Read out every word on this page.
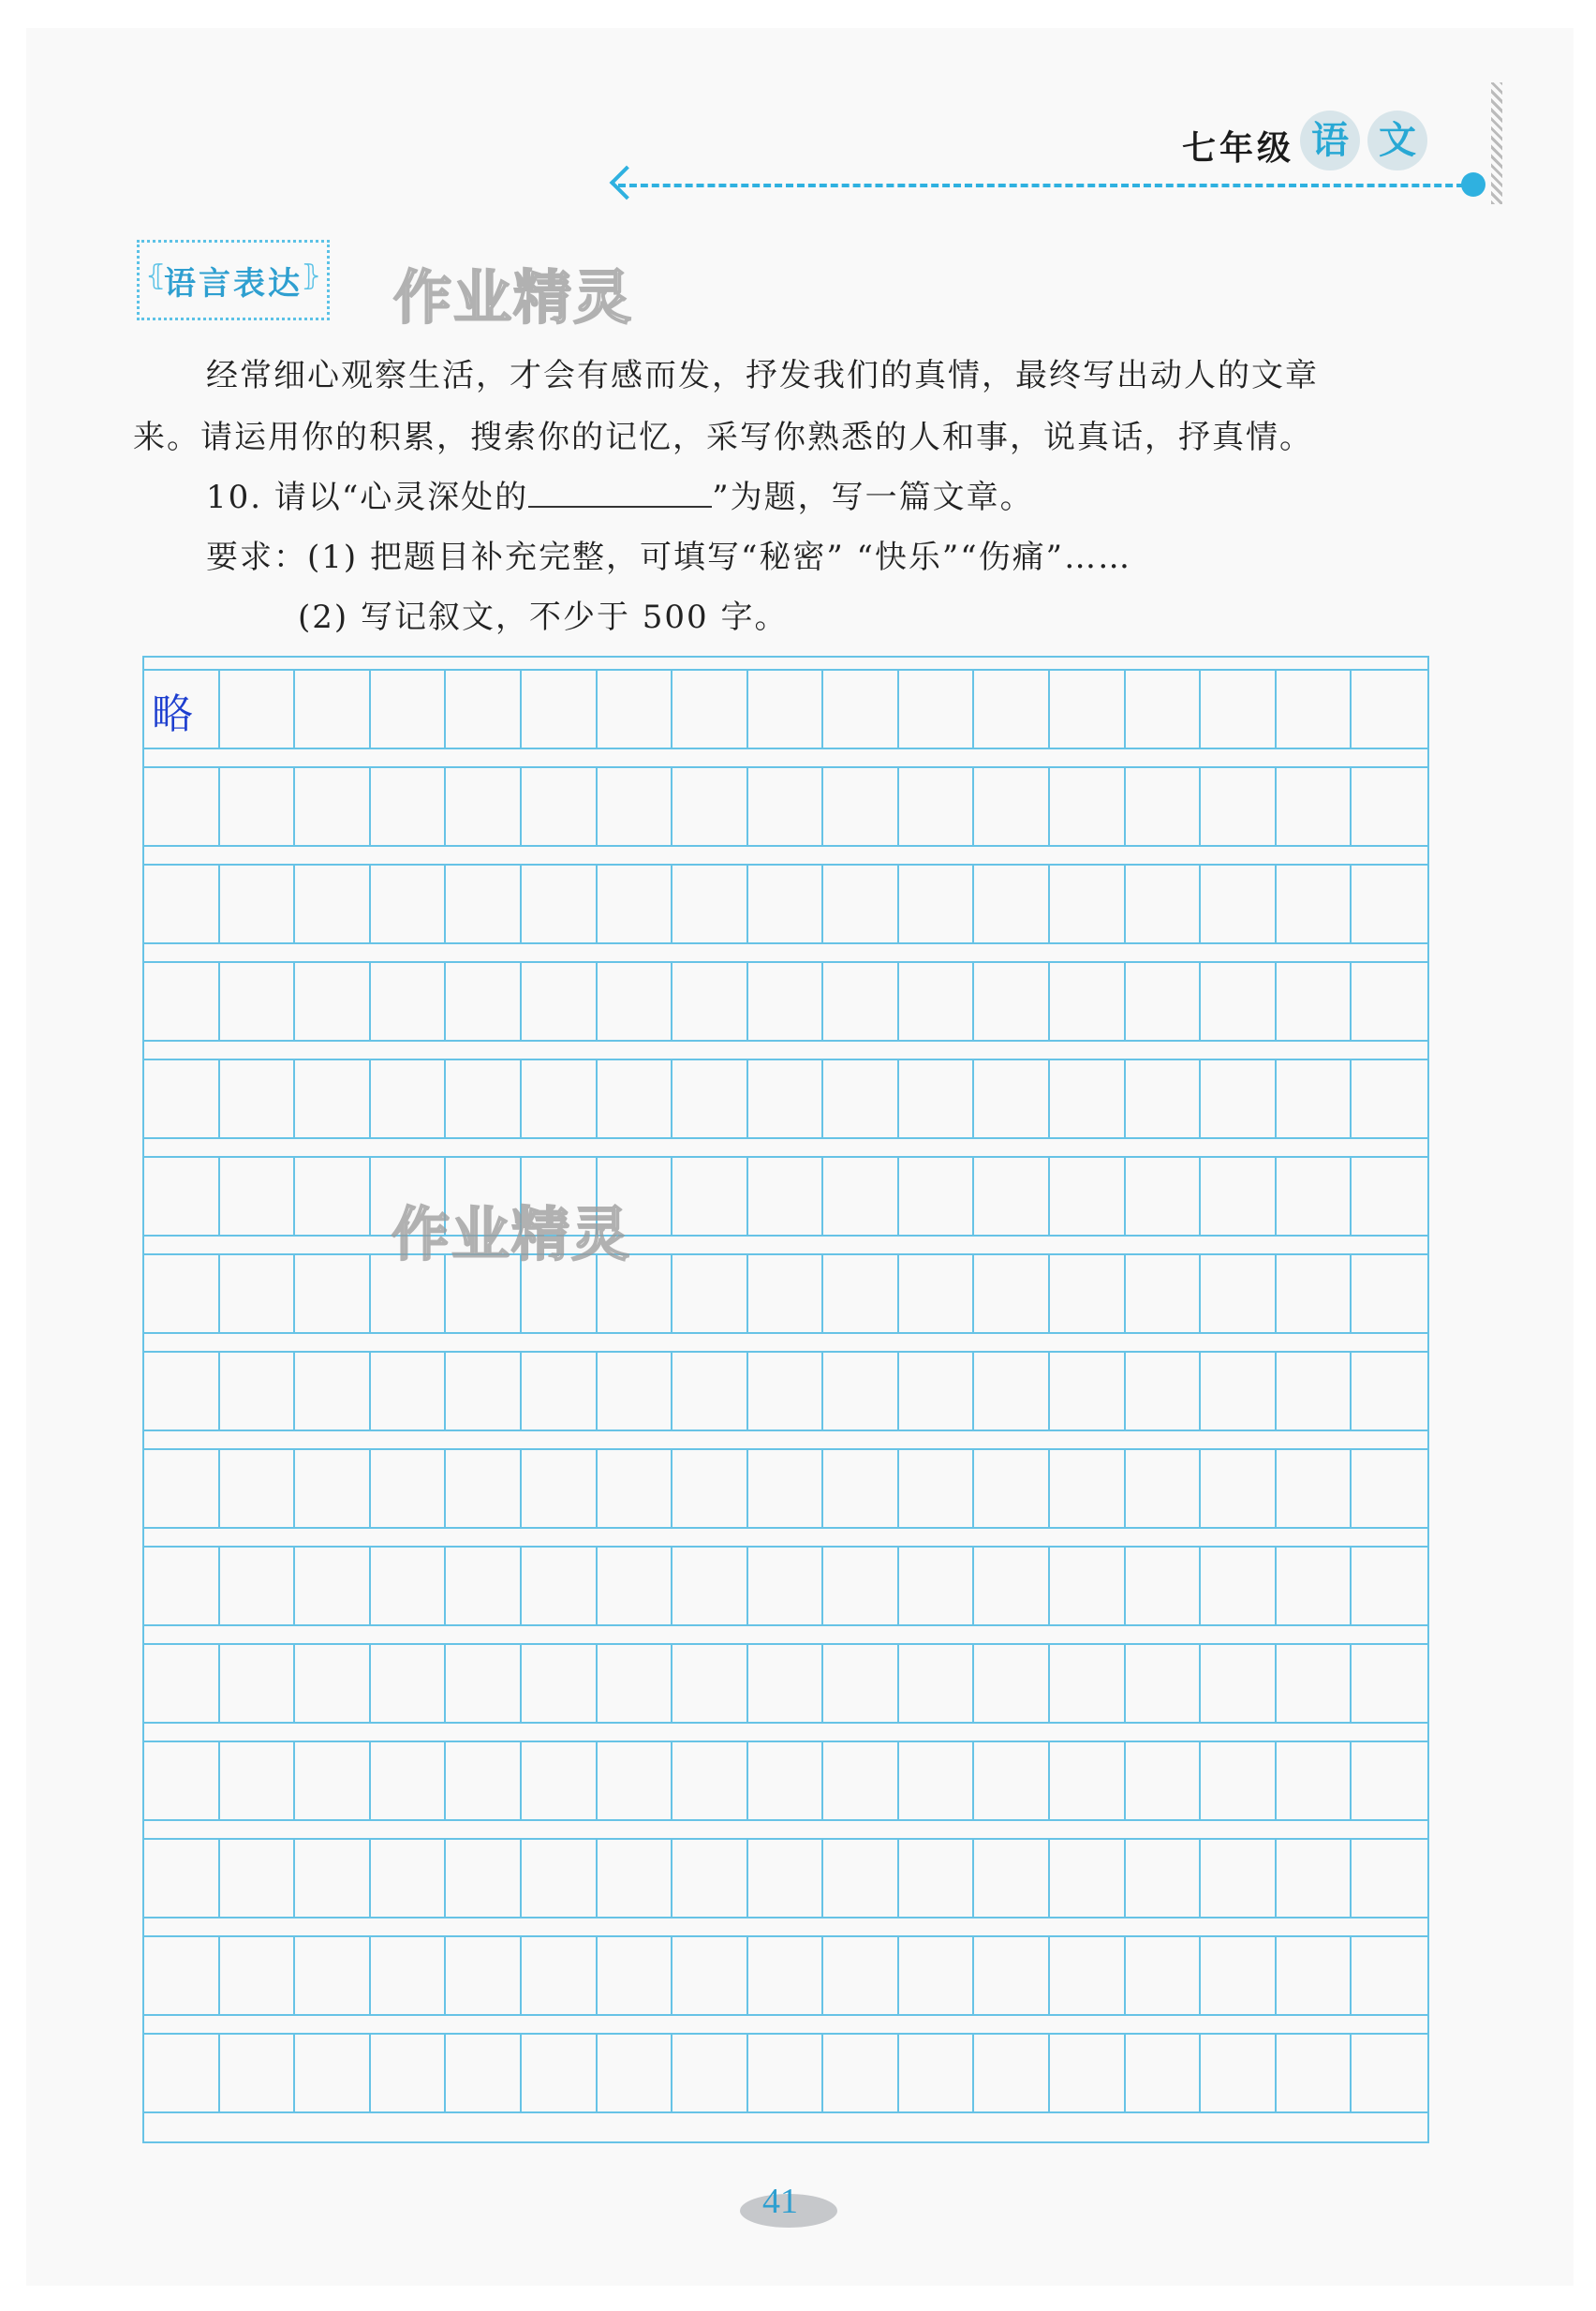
七年级 语 文
⦃
语言表达
⦄ 作业精灵
经常细心观察生活，才会有感而发，抒发我们的真情，最终写出动人的文章
来。请运用你的积累，搜索你的记忆，采写你熟悉的人和事，说真话，抒真情。
10. 请以“心灵深处的	”为题，写一篇文章。
要求：(1) 把题目补充完整，可填写“秘密” “快乐”“伤痛”……
(2) 写记叙文，不少于 500 字。
略
作业精灵
41
